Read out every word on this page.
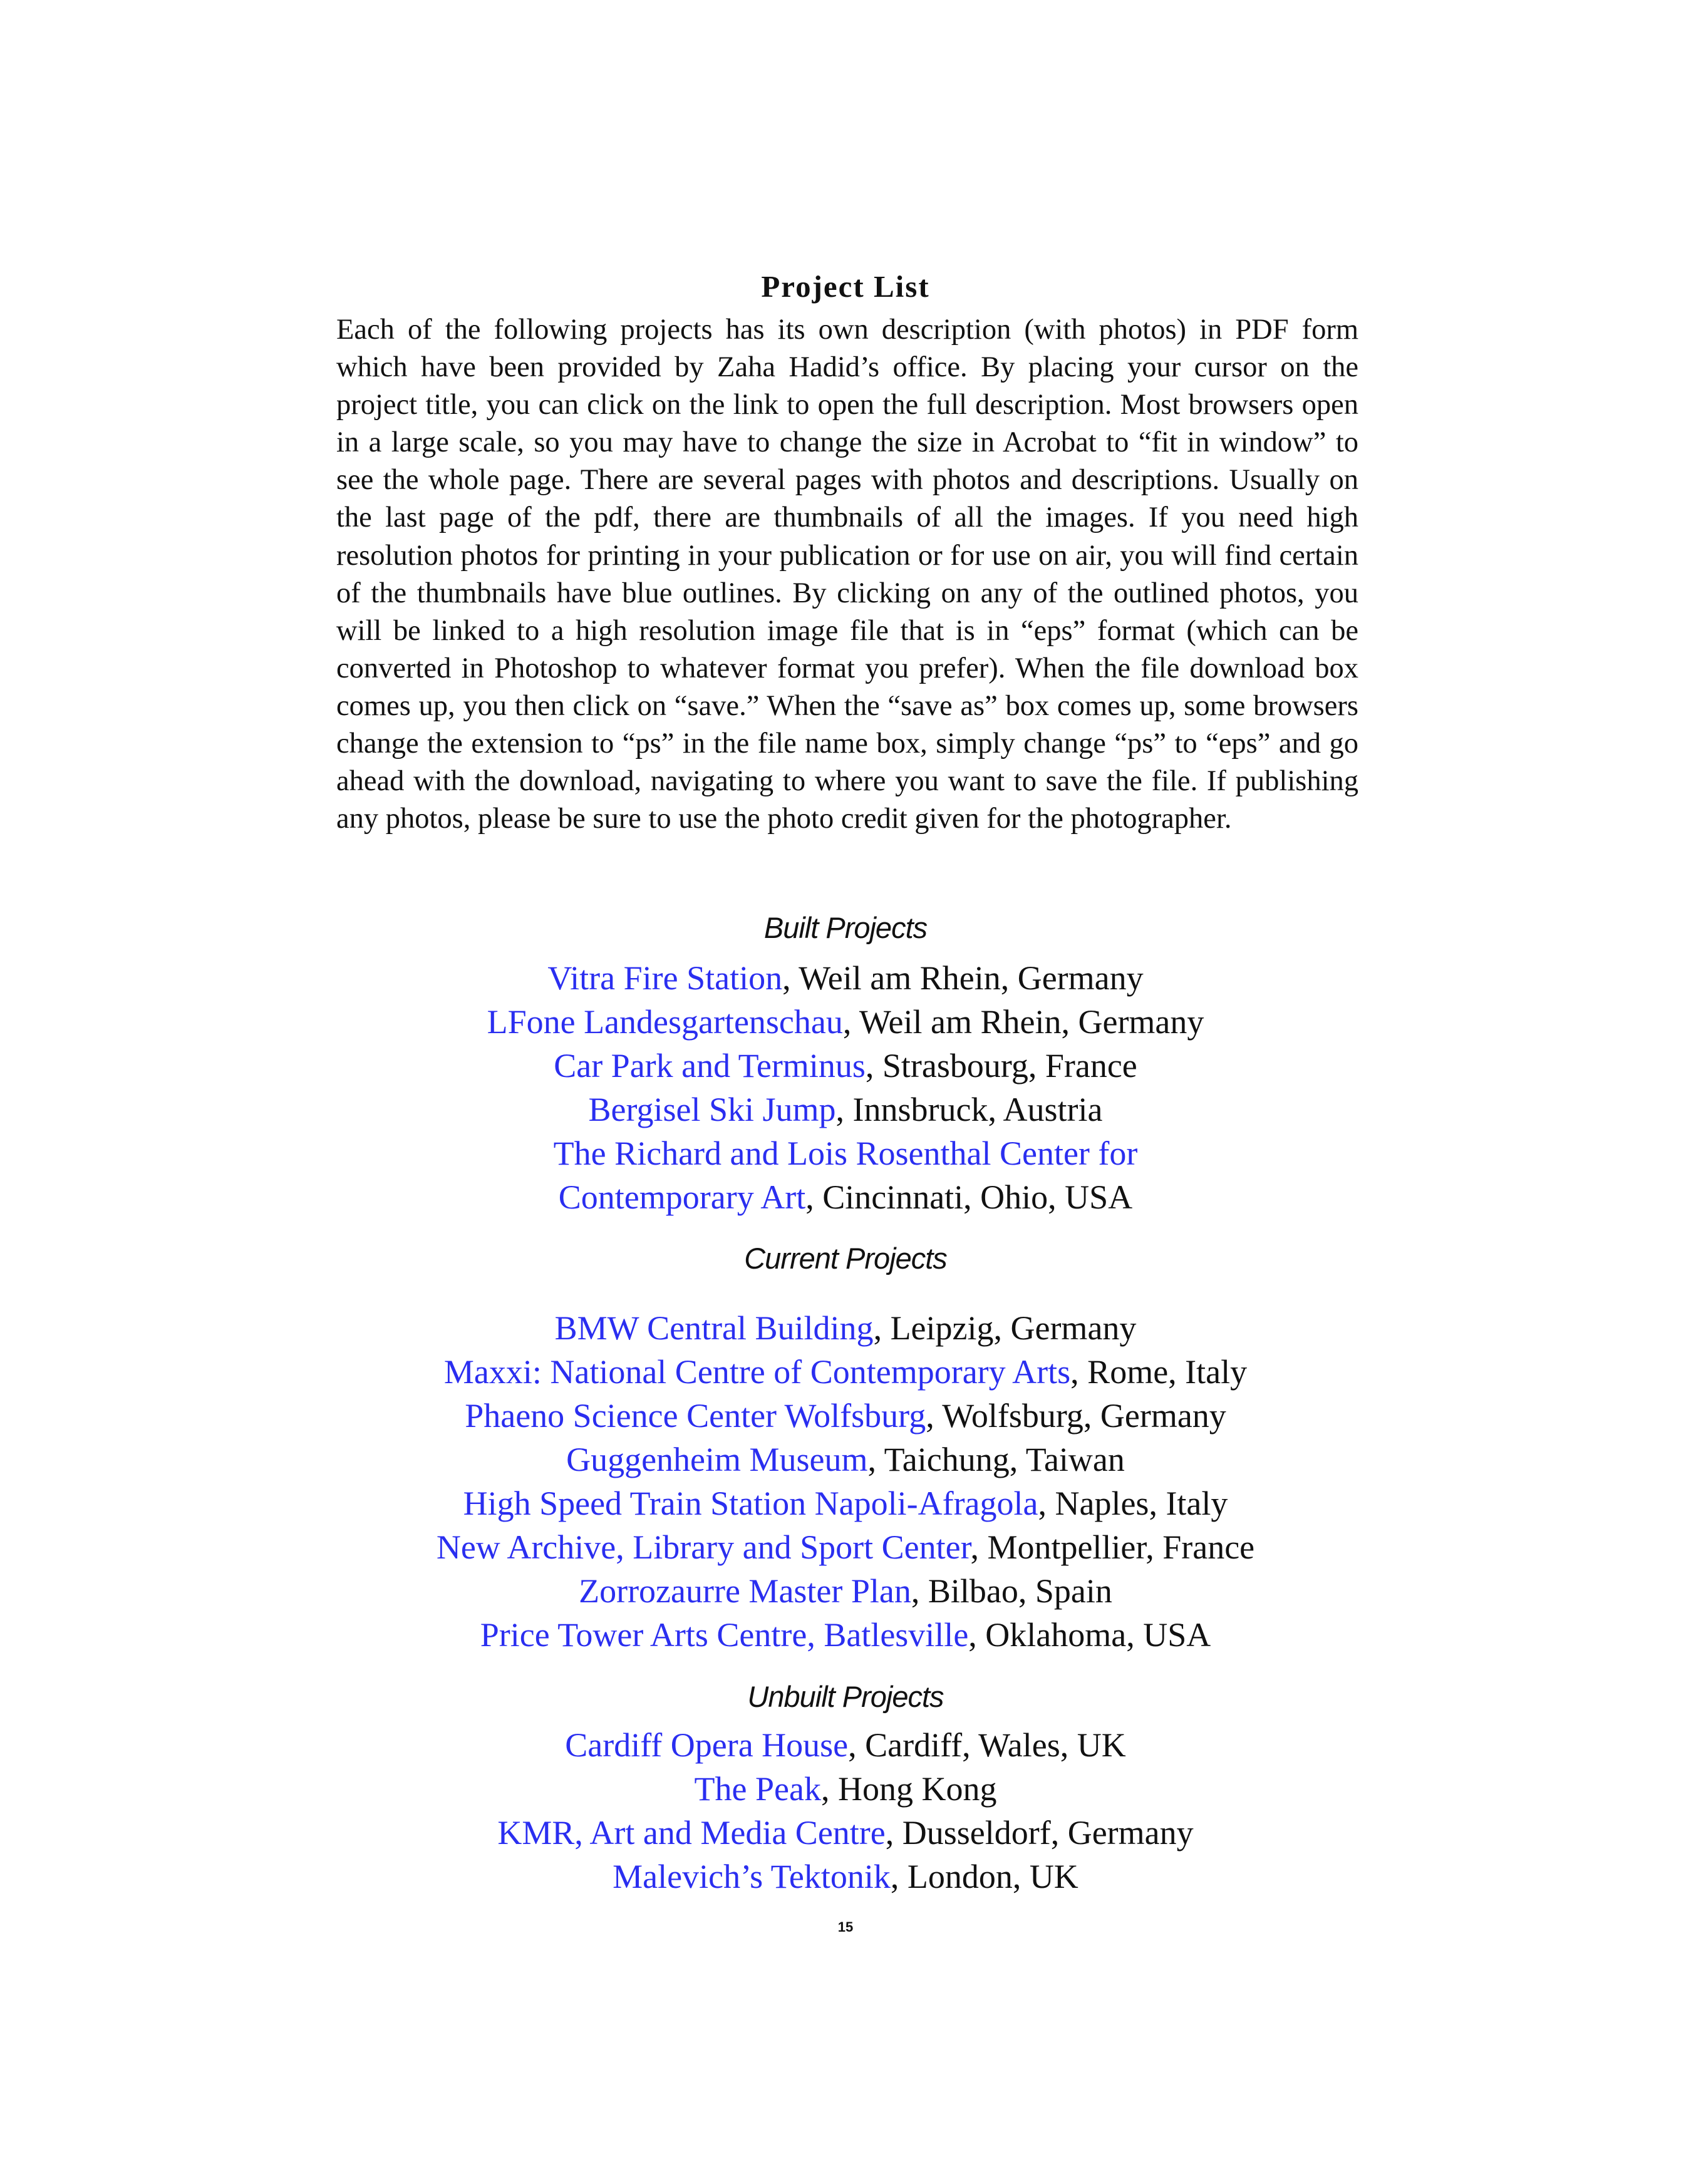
Project List

Each of the following projects has its own description (with photos) in PDF form which have been provided by Zaha Hadid’s office. By placing your cursor on the project title, you can click on the link to open the full description. Most browsers open in a large scale, so you may have to change the size in Acrobat to “fit in window” to see the whole page. There are several pages with photos and descriptions. Usually on the last page of the pdf, there are thumbnails of all the images. If you need high resolution photos for printing in your publication or for use on air, you will find certain of the thumbnails have blue outlines. By clicking on any of the outlined photos, you will be linked to a high resolution image file that is in “eps” format (which can be converted in Photoshop to whatever format you prefer). When the file download box comes up, you then click on “save.” When the “save as” box comes up, some browsers change the extension to “ps” in the file name box, simply change “ps” to “eps” and go ahead with the download, navigating to where you want to save the file. If publishing any photos, please be sure to use the photo credit given for the photographer.

Built Projects
Vitra Fire Station, Weil am Rhein, Germany
LFone Landesgartenschau, Weil am Rhein, Germany
Car Park and Terminus, Strasbourg, France
Bergisel Ski Jump, Innsbruck, Austria
The Richard and Lois Rosenthal Center for
Contemporary Art, Cincinnati, Ohio, USA
Current Projects
BMW Central Building, Leipzig, Germany
Maxxi: National Centre of Contemporary Arts, Rome, Italy
Phaeno Science Center Wolfsburg, Wolfsburg, Germany
Guggenheim Museum, Taichung, Taiwan
High Speed Train Station Napoli-Afragola, Naples, Italy
New Archive, Library and Sport Center, Montpellier, France
Zorrozaurre Master Plan, Bilbao, Spain
Price Tower Arts Centre, Batlesville, Oklahoma, USA
Unbuilt Projects
Cardiff Opera House, Cardiff, Wales, UK
The Peak, Hong Kong
KMR, Art and Media Centre, Dusseldorf, Germany
Malevich’s Tektonik, London, UK
15
